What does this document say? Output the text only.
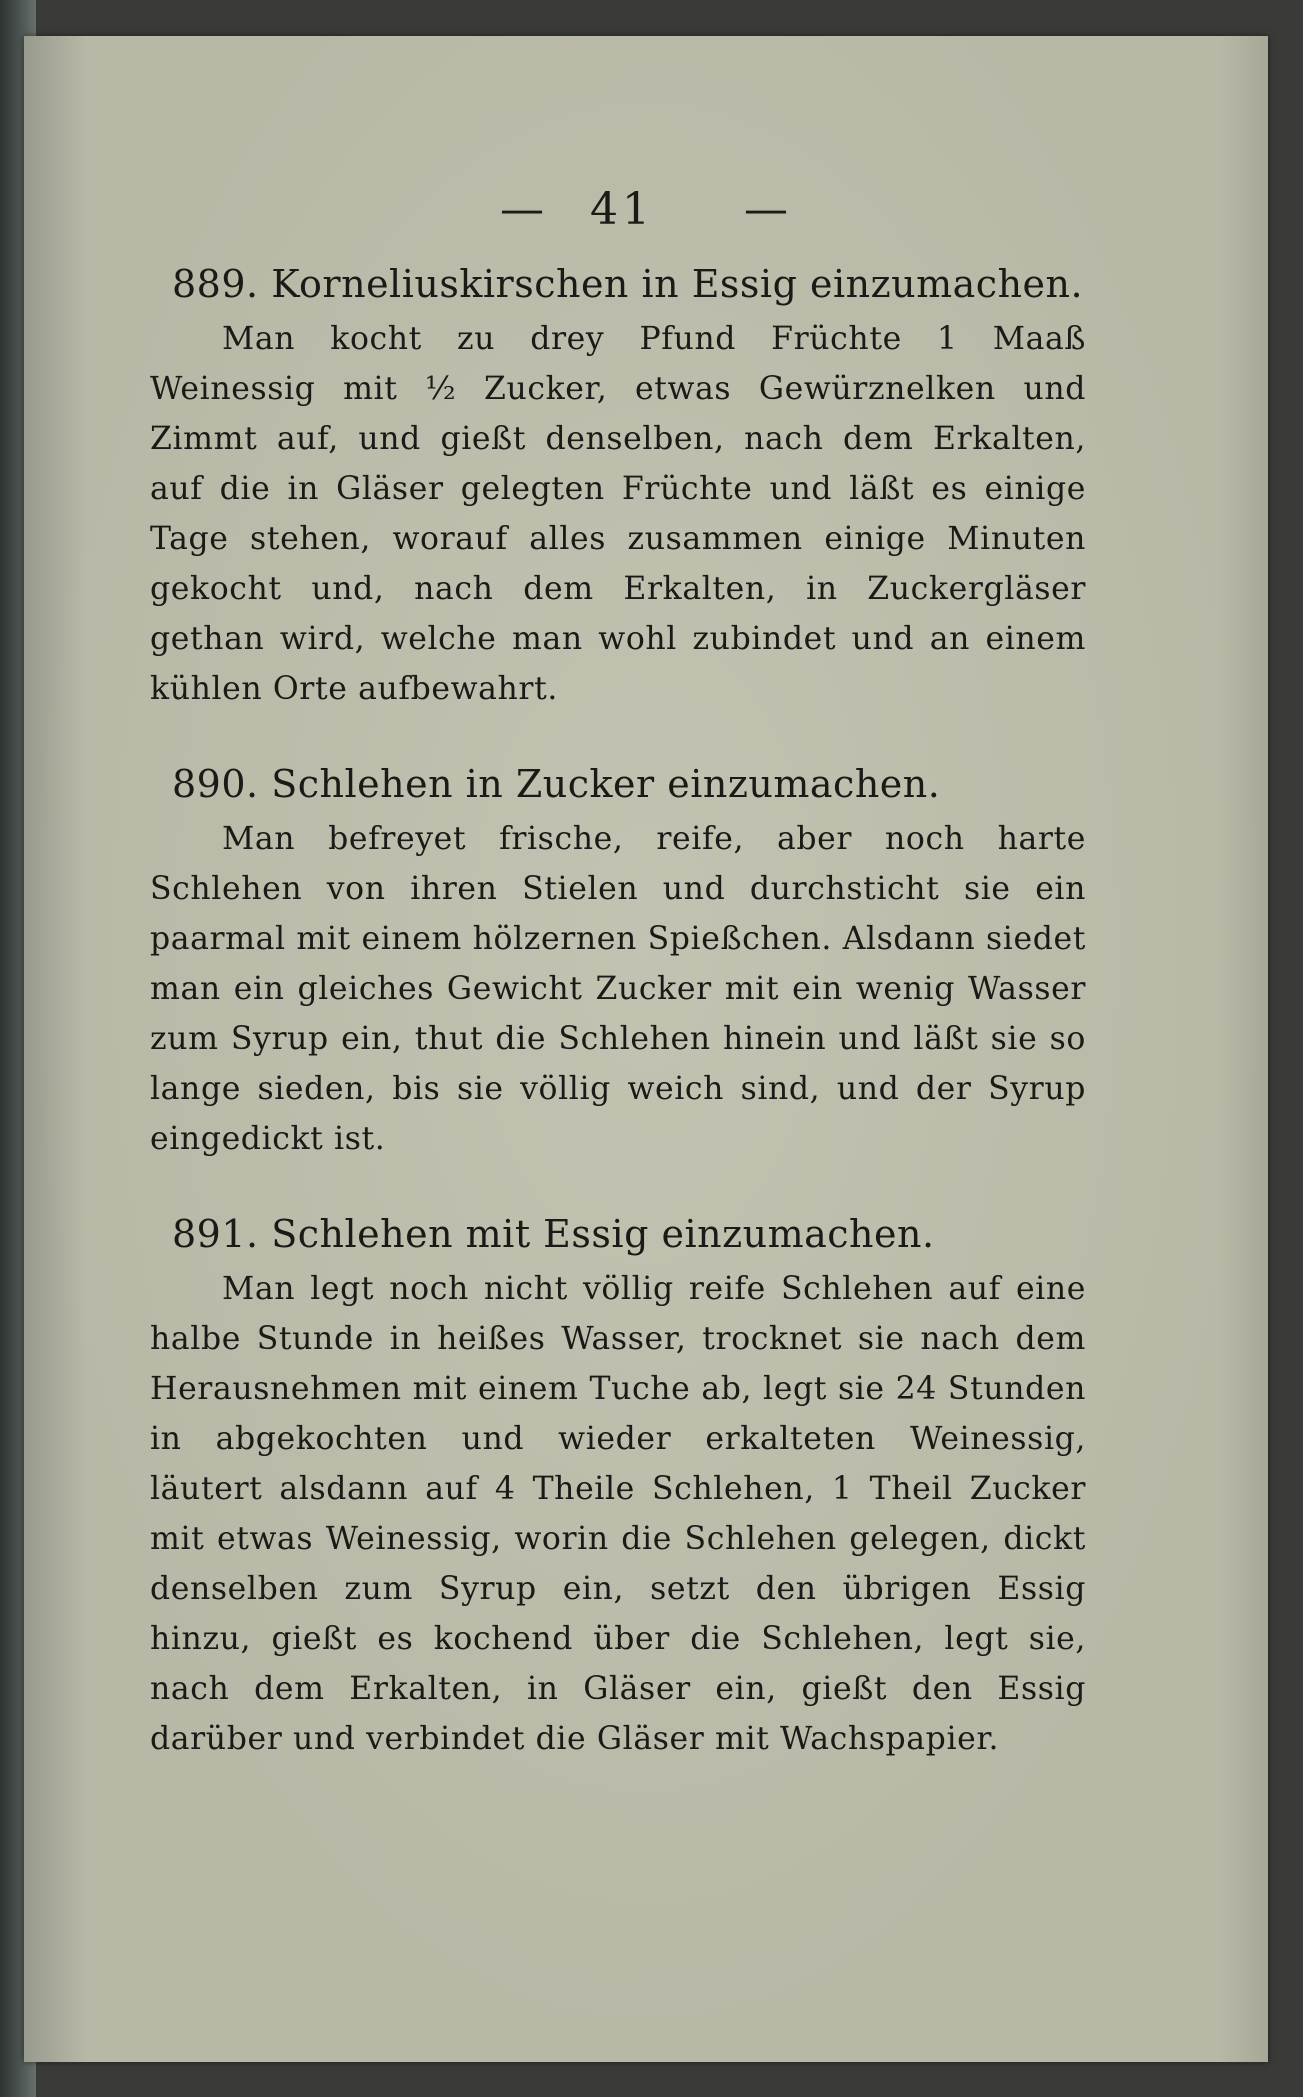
—   41  —
889. Korneliuskirschen in Essig einzumachen.

Man kocht zu drey Pfund Früchte 1 Maaß Weinessig mit ½ Zucker, etwas Gewürznelken und Zimmt auf, und gießt denselben, nach dem Erkalten, auf die in Gläser gelegten Früchte und läßt es einige Tage stehen, worauf alles zusammen einige Minuten gekocht und, nach dem Erkalten, in Zuckergläser gethan wird, welche man wohl zubindet und an einem kühlen Orte aufbewahrt.

890. Schlehen in Zucker einzumachen.

Man befreyet frische, reife, aber noch harte Schlehen von ihren Stielen und durchsticht sie ein paarmal mit einem hölzernen Spießchen. Alsdann siedet man ein gleiches Gewicht Zucker mit ein wenig Wasser zum Syrup ein, thut die Schlehen hinein und läßt sie so lange sieden, bis sie völlig weich sind, und der Syrup eingedickt ist.

891. Schlehen mit Essig einzumachen.

Man legt noch nicht völlig reife Schlehen auf eine halbe Stunde in heißes Wasser, trocknet sie nach dem Herausnehmen mit einem Tuche ab, legt sie 24 Stunden in abgekochten und wieder erkalteten Weinessig, läutert alsdann auf 4 Theile Schlehen, 1 Theil Zucker mit etwas Weinessig, worin die Schlehen gelegen, dickt denselben zum Syrup ein, setzt den übrigen Essig hinzu, gießt es kochend über die Schlehen, legt sie, nach dem Erkalten, in Gläser ein, gießt den Essig darüber und verbindet die Gläser mit Wachspapier.
